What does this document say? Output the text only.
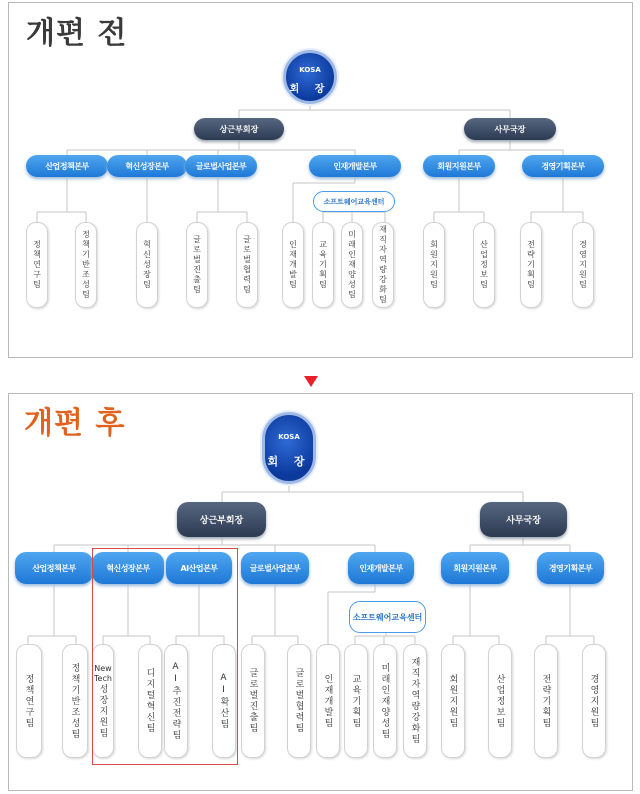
개편 전
KOSA
회 장
상근부회장	사무국장
산업정책본부	혁신성장본부	글로벌사업본부	인재개발본부	회원지원본부	경영기획본부
소프트웨어교육센터
정책연구팀	정책기반조성팀	혁신성장팀	글로벌진출팀	글로벌협력팀	인재개발팀	교육기획팀	미래인재양성팀	재직자역량강화팀	회원지원팀	산업정보팀	전략기획팀	경영지원팀
개편 후	KOSA
회 장
상근부회장	사무국장
산업정책본부	혁신성장본부	AI산업본부	글로벌사업본부	인재개발본부	회원지원본부	경영기획본부
소프트웨어교육센터
정책연구팀	정책기반조성팀 New
Tech
성장지원팀	디지털혁신팀 AI추진전략팀	AI확산팀 글로벌진출팀	글로벌협력팀 인재개발팀 교육기획팀 미래인재양성팀 재직자역량강화팀	회원지원팀	산업정보팀	전략기획팀	경영지원팀
